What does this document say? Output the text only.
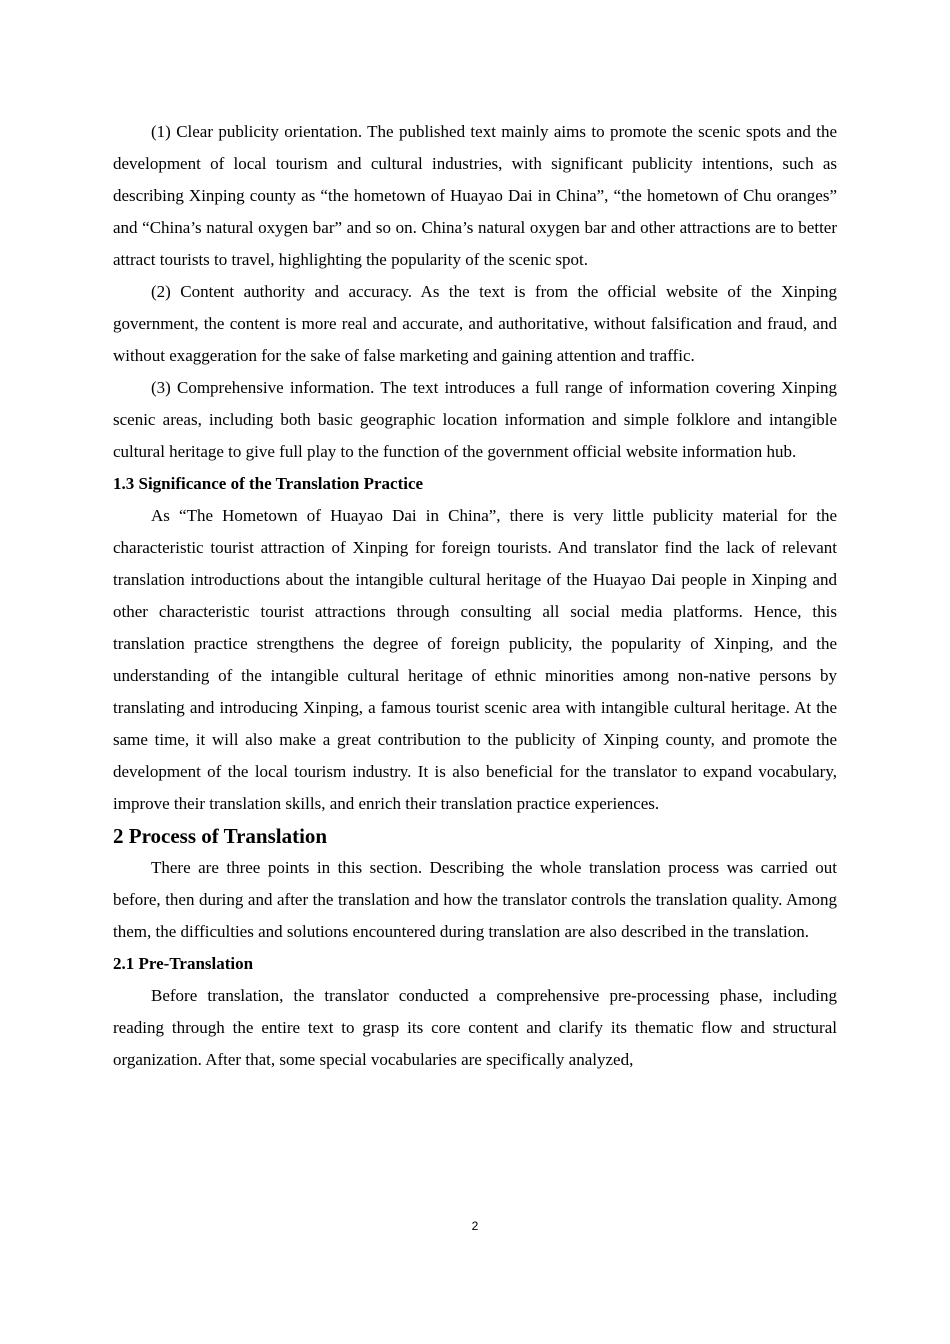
(1) Clear publicity orientation. The published text mainly aims to promote the scenic spots and the development of local tourism and cultural industries, with significant publicity intentions, such as describing Xinping county as “the hometown of Huayao Dai in China”, “the hometown of Chu oranges” and “China’s natural oxygen bar” and so on. China’s natural oxygen bar and other attractions are to better attract tourists to travel, highlighting the popularity of the scenic spot.

(2) Content authority and accuracy. As the text is from the official website of the Xinping government, the content is more real and accurate, and authoritative, without falsification and fraud, and without exaggeration for the sake of false marketing and gaining attention and traffic.

(3) Comprehensive information. The text introduces a full range of information covering Xinping scenic areas, including both basic geographic location information and simple folklore and intangible cultural heritage to give full play to the function of the government official website information hub.

1.3 Significance of the Translation Practice

As “The Hometown of Huayao Dai in China”, there is very little publicity material for the characteristic tourist attraction of Xinping for foreign tourists. And translator find the lack of relevant translation introductions about the intangible cultural heritage of the Huayao Dai people in Xinping and other characteristic tourist attractions through consulting all social media platforms. Hence, this translation practice strengthens the degree of foreign publicity, the popularity of Xinping, and the understanding of the intangible cultural heritage of ethnic minorities among non-native persons by translating and introducing Xinping, a famous tourist scenic area with intangible cultural heritage. At the same time, it will also make a great contribution to the publicity of Xinping county, and promote the development of the local tourism industry. It is also beneficial for the translator to expand vocabulary, improve their translation skills, and enrich their translation practice experiences.

2 Process of Translation

There are three points in this section. Describing the whole translation process was carried out before, then during and after the translation and how the translator controls the translation quality. Among them, the difficulties and solutions encountered during translation are also described in the translation.

2.1 Pre-Translation

Before translation, the translator conducted a comprehensive pre-processing phase, including reading through the entire text to grasp its core content and clarify its thematic flow and structural organization. After that, some special vocabularies are specifically analyzed,

2
